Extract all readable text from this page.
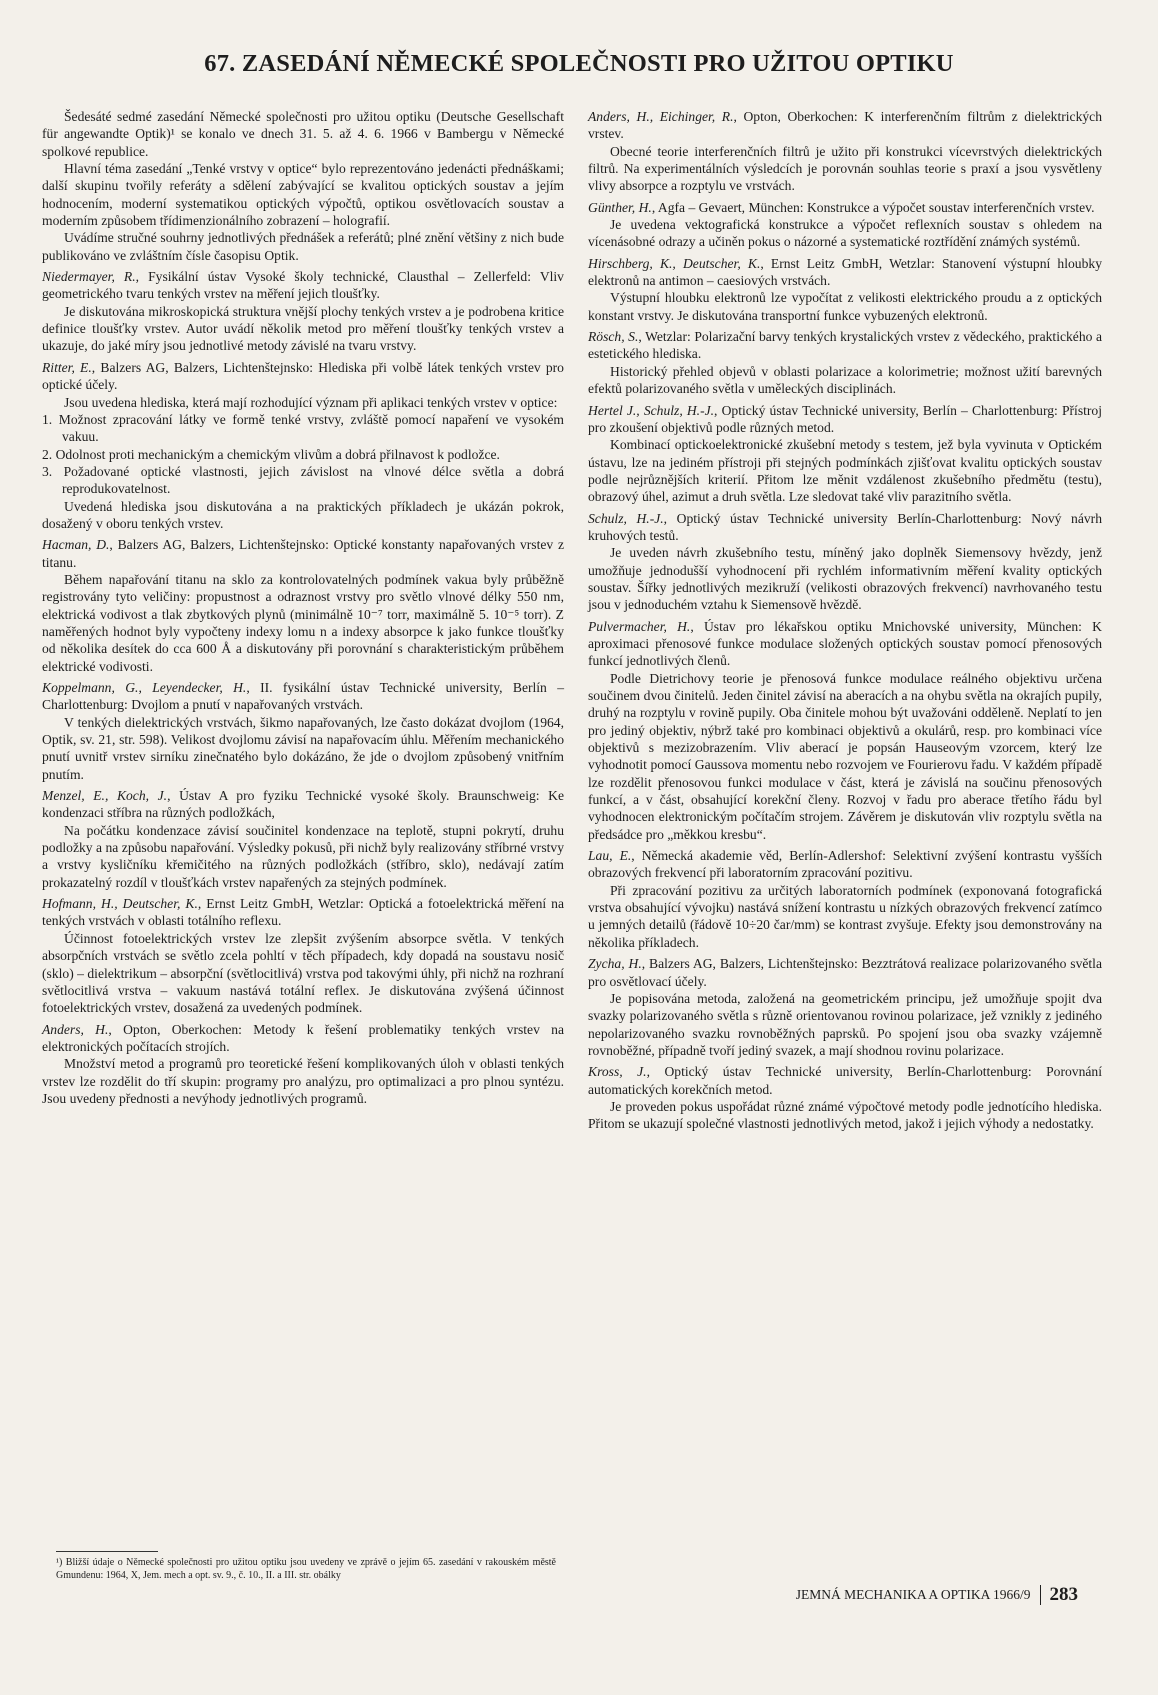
67. ZASEDÁNÍ NĚMECKÉ SPOLEČNOSTI PRO UŽITOU OPTIKU

Šedesáté sedmé zasedání Německé společnosti pro užitou optiku (Deutsche Gesellschaft für angewandte Optik)¹ se konalo ve dnech 31. 5. až 4. 6. 1966 v Bambergu v Německé spolkové republice.

Hlavní téma zasedání „Tenké vrstvy v optice“ bylo reprezentováno jedenácti přednáškami; další skupinu tvořily referáty a sdělení zabývající se kvalitou optických soustav a jejím hodnocením, moderní systematikou optických výpočtů, optikou osvětlovacích soustav a moderním způsobem třídimenzionálního zobrazení – holografií.

Uvádíme stručné souhrny jednotlivých přednášek a referátů; plné znění většiny z nich bude publikováno ve zvláštním čísle časopisu Optik.

Niedermayer, R., Fysikální ústav Vysoké školy technické, Clausthal – Zellerfeld: Vliv geometrického tvaru tenkých vrstev na měření jejich tloušťky.

Je diskutována mikroskopická struktura vnější plochy tenkých vrstev a je podrobena kritice definice tloušťky vrstev. Autor uvádí několik metod pro měření tloušťky tenkých vrstev a ukazuje, do jaké míry jsou jednotlivé metody závislé na tvaru vrstvy.

Ritter, E., Balzers AG, Balzers, Lichtenštejnsko: Hlediska při volbě látek tenkých vrstev pro optické účely.

Jsou uvedena hlediska, která mají rozhodující význam při aplikaci tenkých vrstev v optice:

1. Možnost zpracování látky ve formě tenké vrstvy, zvláště pomocí napaření ve vysokém vakuu.

2. Odolnost proti mechanickým a chemickým vlivům a dobrá přilnavost k podložce.

3. Požadované optické vlastnosti, jejich závislost na vlnové délce světla a dobrá reprodukovatelnost.

Uvedená hlediska jsou diskutována a na praktických příkladech je ukázán pokrok, dosažený v oboru tenkých vrstev.

Hacman, D., Balzers AG, Balzers, Lichtenštejnsko: Optické konstanty napařovaných vrstev z titanu.

Během napařování titanu na sklo za kontrolovatelných podmínek vakua byly průběžně registrovány tyto veličiny: propustnost a odraznost vrstvy pro světlo vlnové délky 550 nm, elektrická vodivost a tlak zbytkových plynů (minimálně 10⁻⁷ torr, maximálně 5. 10⁻⁵ torr). Z naměřených hodnot byly vypočteny indexy lomu n a indexy absorpce k jako funkce tloušťky od několika desítek do cca 600 Å a diskutovány při porovnání s charakteristickým průběhem elektrické vodivosti.

Koppelmann, G., Leyendecker, H., II. fysikální ústav Technické university, Berlín – Charlottenburg: Dvojlom a pnutí v napařovaných vrstvách.

V tenkých dielektrických vrstvách, šikmo napařovaných, lze často dokázat dvojlom (1964, Optik, sv. 21, str. 598). Velikost dvojlomu závisí na napařovacím úhlu. Měřením mechanického pnutí uvnitř vrstev sirníku zinečnatého bylo dokázáno, že jde o dvojlom způsobený vnitřním pnutím.

Menzel, E., Koch, J., Ústav A pro fyziku Technické vysoké školy. Braunschweig: Ke kondenzaci stříbra na různých podložkách,

Na počátku kondenzace závisí součinitel kondenzace na teplotě, stupni pokrytí, druhu podložky a na způsobu napařování. Výsledky pokusů, při nichž byly realizovány stříbrné vrstvy a vrstvy kysličníku křemičitého na různých podložkách (stříbro, sklo), nedávají zatím prokazatelný rozdíl v tloušťkách vrstev napařených za stejných podmínek.

Hofmann, H., Deutscher, K., Ernst Leitz GmbH, Wetzlar: Optická a fotoelektrická měření na tenkých vrstvách v oblasti totálního reflexu.

Účinnost fotoelektrických vrstev lze zlepšit zvýšením absorpce světla. V tenkých absorpčních vrstvách se světlo zcela pohltí v těch případech, kdy dopadá na soustavu nosič (sklo) – dielektrikum – absorpční (světlocitlivá) vrstva pod takovými úhly, při nichž na rozhraní světlocitlivá vrstva – vakuum nastává totální reflex. Je diskutována zvýšená účinnost fotoelektrických vrstev, dosažená za uvedených podmínek.

Anders, H., Opton, Oberkochen: Metody k řešení problematiky tenkých vrstev na elektronických počítacích strojích.

Množství metod a programů pro teoretické řešení komplikovaných úloh v oblasti tenkých vrstev lze rozdělit do tří skupin: programy pro analýzu, pro optimalizaci a pro plnou syntézu. Jsou uvedeny přednosti a nevýhody jednotlivých programů.

Anders, H., Eichinger, R., Opton, Oberkochen: K interferenčním filtrům z dielektrických vrstev.

Obecné teorie interferenčních filtrů je užito při konstrukci vícevrstvých dielektrických filtrů. Na experimentálních výsledcích je porovnán souhlas teorie s praxí a jsou vysvětleny vlivy absorpce a rozptylu ve vrstvách.

Günther, H., Agfa – Gevaert, München: Konstrukce a výpočet soustav interferenčních vrstev.

Je uvedena vektografická konstrukce a výpočet reflexních soustav s ohledem na vícenásobné odrazy a učiněn pokus o názorné a systematické roztřídění známých systémů.

Hirschberg, K., Deutscher, K., Ernst Leitz GmbH, Wetzlar: Stanovení výstupní hloubky elektronů na antimon – caesiových vrstvách.

Výstupní hloubku elektronů lze vypočítat z velikosti elektrického proudu a z optických konstant vrstvy. Je diskutována transportní funkce vybuzených elektronů.

Rösch, S., Wetzlar: Polarizační barvy tenkých krystalických vrstev z vědeckého, praktického a estetického hlediska.

Historický přehled objevů v oblasti polarizace a kolorimetrie; možnost užití barevných efektů polarizovaného světla v uměleckých disciplinách.

Hertel J., Schulz, H.-J., Optický ústav Technické university, Berlín – Charlottenburg: Přístroj pro zkoušení objektivů podle různých metod.

Kombinací optickoelektronické zkušební metody s testem, jež byla vyvinuta v Optickém ústavu, lze na jediném přístroji při stejných podmínkách zjišťovat kvalitu optických soustav podle nejrůznějších kriterií. Přitom lze měnit vzdálenost zkušebního předmětu (testu), obrazový úhel, azimut a druh světla. Lze sledovat také vliv parazitního světla.

Schulz, H.-J., Optický ústav Technické university Berlín-Charlottenburg: Nový návrh kruhových testů.

Je uveden návrh zkušebního testu, míněný jako doplněk Siemensovy hvězdy, jenž umožňuje jednodušší vyhodnocení při rychlém informativním měření kvality optických soustav. Šířky jednotlivých mezikruží (velikosti obrazových frekvencí) navrhovaného testu jsou v jednoduchém vztahu k Siemensově hvězdě.

Pulvermacher, H., Ústav pro lékařskou optiku Mnichovské university, München: K aproximaci přenosové funkce modulace složených optických soustav pomocí přenosových funkcí jednotlivých členů.

Podle Dietrichovy teorie je přenosová funkce modulace reálného objektivu určena součinem dvou činitelů. Jeden činitel závisí na aberacích a na ohybu světla na okrajích pupily, druhý na rozptylu v rovině pupily. Oba činitele mohou být uvažováni odděleně. Neplatí to jen pro jediný objektiv, nýbrž také pro kombinaci objektivů a okulárů, resp. pro kombinaci více objektivů s mezizobrazením. Vliv aberací je popsán Hauseovým vzorcem, který lze vyhodnotit pomocí Gaussova momentu nebo rozvojem ve Fourierovu řadu. V každém případě lze rozdělit přenosovou funkci modulace v část, která je závislá na součinu přenosových funkcí, a v část, obsahující korekční členy. Rozvoj v řadu pro aberace třetího řádu byl vyhodnocen elektronickým počítačím strojem. Závěrem je diskutován vliv rozptylu světla na předsádce pro „měkkou kresbu“.

Lau, E., Německá akademie věd, Berlín-Adlershof: Selektivní zvýšení kontrastu vyšších obrazových frekvencí při laboratorním zpracování pozitivu.

Při zpracování pozitivu za určitých laboratorních podmínek (exponovaná fotografická vrstva obsahující vývojku) nastává snížení kontrastu u nízkých obrazových frekvencí zatímco u jemných detailů (řádově 10÷20 čar/mm) se kontrast zvyšuje. Efekty jsou demonstrovány na několika příkladech.

Zycha, H., Balzers AG, Balzers, Lichtenštejnsko: Bezztrátová realizace polarizovaného světla pro osvětlovací účely.

Je popisována metoda, založená na geometrickém principu, jež umožňuje spojit dva svazky polarizovaného světla s různě orientovanou rovinou polarizace, jež vznikly z jediného nepolarizovaného svazku rovnoběžných paprsků. Po spojení jsou oba svazky vzájemně rovnoběžné, případně tvoří jediný svazek, a mají shodnou rovinu polarizace.

Kross, J., Optický ústav Technické university, Berlín-Charlottenburg: Porovnání automatických korekčních metod.

Je proveden pokus uspořádat různé známé výpočtové metody podle jednotícího hlediska. Přitom se ukazují společné vlastnosti jednotlivých metod, jakož i jejich výhody a nedostatky.

¹) Bližší údaje o Německé společnosti pro užitou optiku jsou uvedeny ve zprávě o jejím 65. zasedání v rakouském městě Gmundenu: 1964, X, Jem. mech a opt. sv. 9., č. 10., II. a III. str. obálky
JEMNÁ MECHANIKA A OPTIKA 1966/9 283
